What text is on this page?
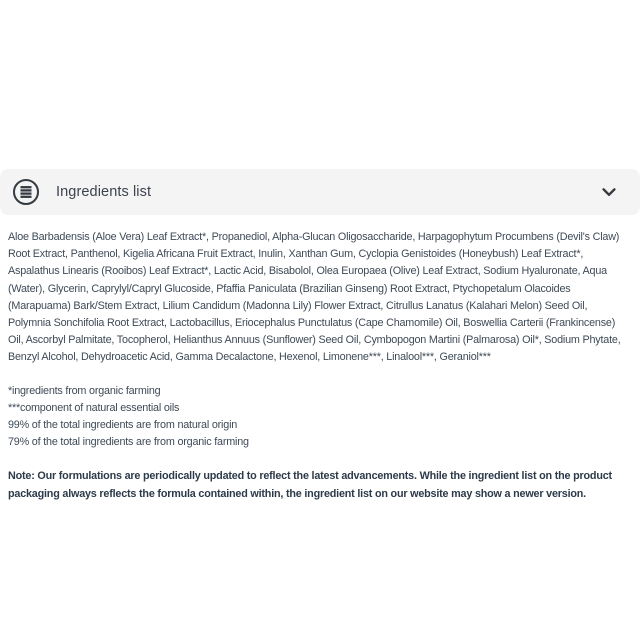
Ingredients list

Aloe Barbadensis (Aloe Vera) Leaf Extract*, Propanediol, Alpha-Glucan Oligosaccharide, Harpagophytum Procumbens (Devil's Claw) Root Extract, Panthenol, Kigelia Africana Fruit Extract, Inulin, Xanthan Gum, Cyclopia Genistoides (Honeybush) Leaf Extract*, Aspalathus Linearis (Rooibos) Leaf Extract*, Lactic Acid, Bisabolol, Olea Europaea (Olive) Leaf Extract, Sodium Hyaluronate, Aqua (Water), Glycerin, Caprylyl/Capryl Glucoside, Pfaffia Paniculata (Brazilian Ginseng) Root Extract, Ptychopetalum Olacoides (Marapuama) Bark/Stem Extract, Lilium Candidum (Madonna Lily) Flower Extract, Citrullus Lanatus (Kalahari Melon) Seed Oil, Polymnia Sonchifolia Root Extract, Lactobacillus, Eriocephalus Punctulatus (Cape Chamomile) Oil, Boswellia Carterii (Frankincense) Oil, Ascorbyl Palmitate, Tocopherol, Helianthus Annuus (Sunflower) Seed Oil, Cymbopogon Martini (Palmarosa) Oil*, Sodium Phytate, Benzyl Alcohol, Dehydroacetic Acid, Gamma Decalactone, Hexenol, Limonene***, Linalool***, Geraniol***

*ingredients from organic farming
***component of natural essential oils
99% of the total ingredients are from natural origin
79% of the total ingredients are from organic farming

Note: Our formulations are periodically updated to reflect the latest advancements. While the ingredient list on the product packaging always reflects the formula contained within, the ingredient list on our website may show a newer version.
